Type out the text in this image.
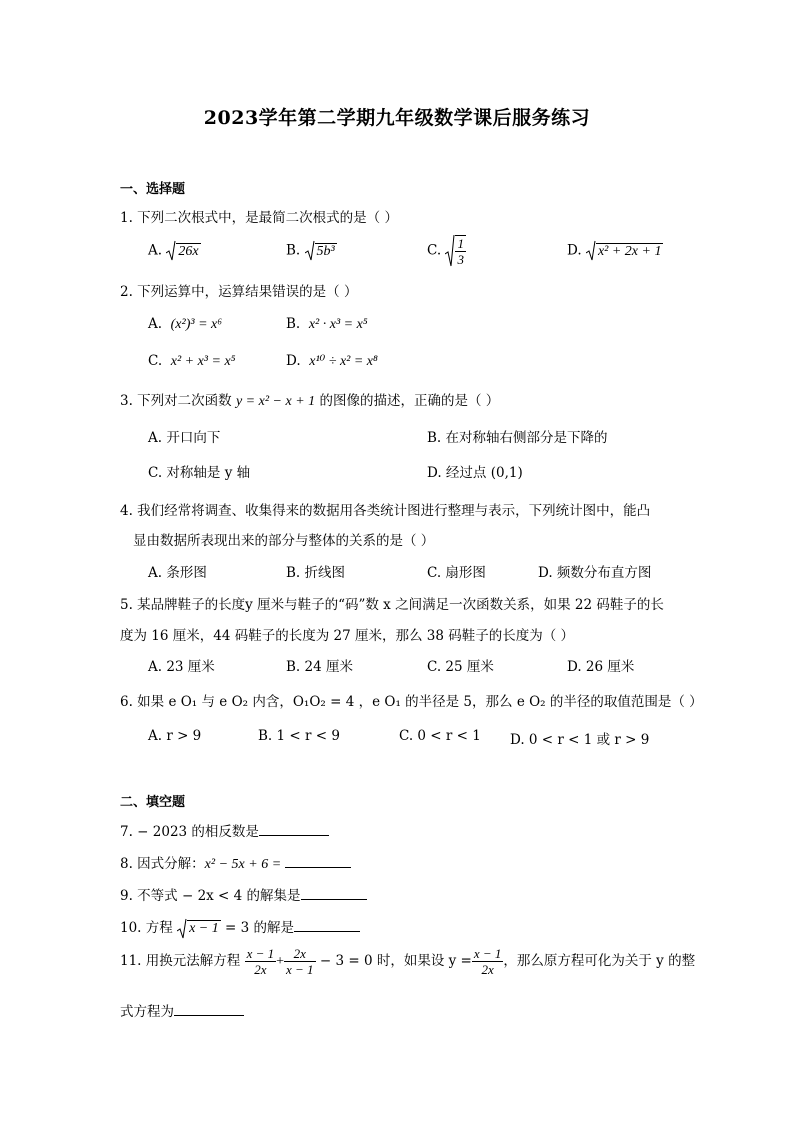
2023学年第二学期九年级数学课后服务练习
一、选择题
1. 下列二次根式中，是最简二次根式的是（ ）
A. 26x	B. 5b³	C. $\frac{1}{3}$	D. x² + 2x + 1
2. 下列运算中，运算结果错误的是（ ）
A. (x²)³ = x⁶	B. x² · x³ = x⁵
C. x² + x³ = x⁵	D. x¹⁰ ÷ x² = x⁸
3. 下列对二次函数 y = x² − x + 1 的图像的描述，正确的是（ ）
A. 开口向下	B. 在对称轴右侧部分是下降的
C. 对称轴是 y 轴	D. 经过点 (0,1)
4. 我们经常将调查、收集得来的数据用各类统计图进行整理与表示，下列统计图中，能凸
显由数据所表现出来的部分与整体的关系的是（ ）
A. 条形图	B. 折线图	C. 扇形图	D. 频数分布直方图
5. 某品牌鞋子的长度y 厘米与鞋子的“码”数 x 之间满足一次函数关系，如果 22 码鞋子的长
度为 16 厘米，44 码鞋子的长度为 27 厘米，那么 38 码鞋子的长度为（ ）
A. 23 厘米	B. 24 厘米	C. 25 厘米	D. 26 厘米
6. 如果 e O₁ 与 e O₂ 内含，O₁O₂ = 4 ，e O₁ 的半径是 5，那么 e O₂ 的半径的取值范围是（ ）
A. r > 9	B. 1 < r < 9	C. 0 < r < 1 D. 0 < r < 1 或 r > 9
二、填空题
7. − 2023 的相反数是
8. 因式分解：x² − 5x + 6 =
9. 不等式 − 2x < 4 的解集是
10. 方程 x − 1 = 3 的解是
11. 用换元法解方程 $\frac{x - 1}{2x} + \frac{2x}{x - 1} - 3 = 0$ 时，如果设 $y = \frac{x - 1}{2x}$ ，那么原方程可化为关于 y 的整
式方程为
